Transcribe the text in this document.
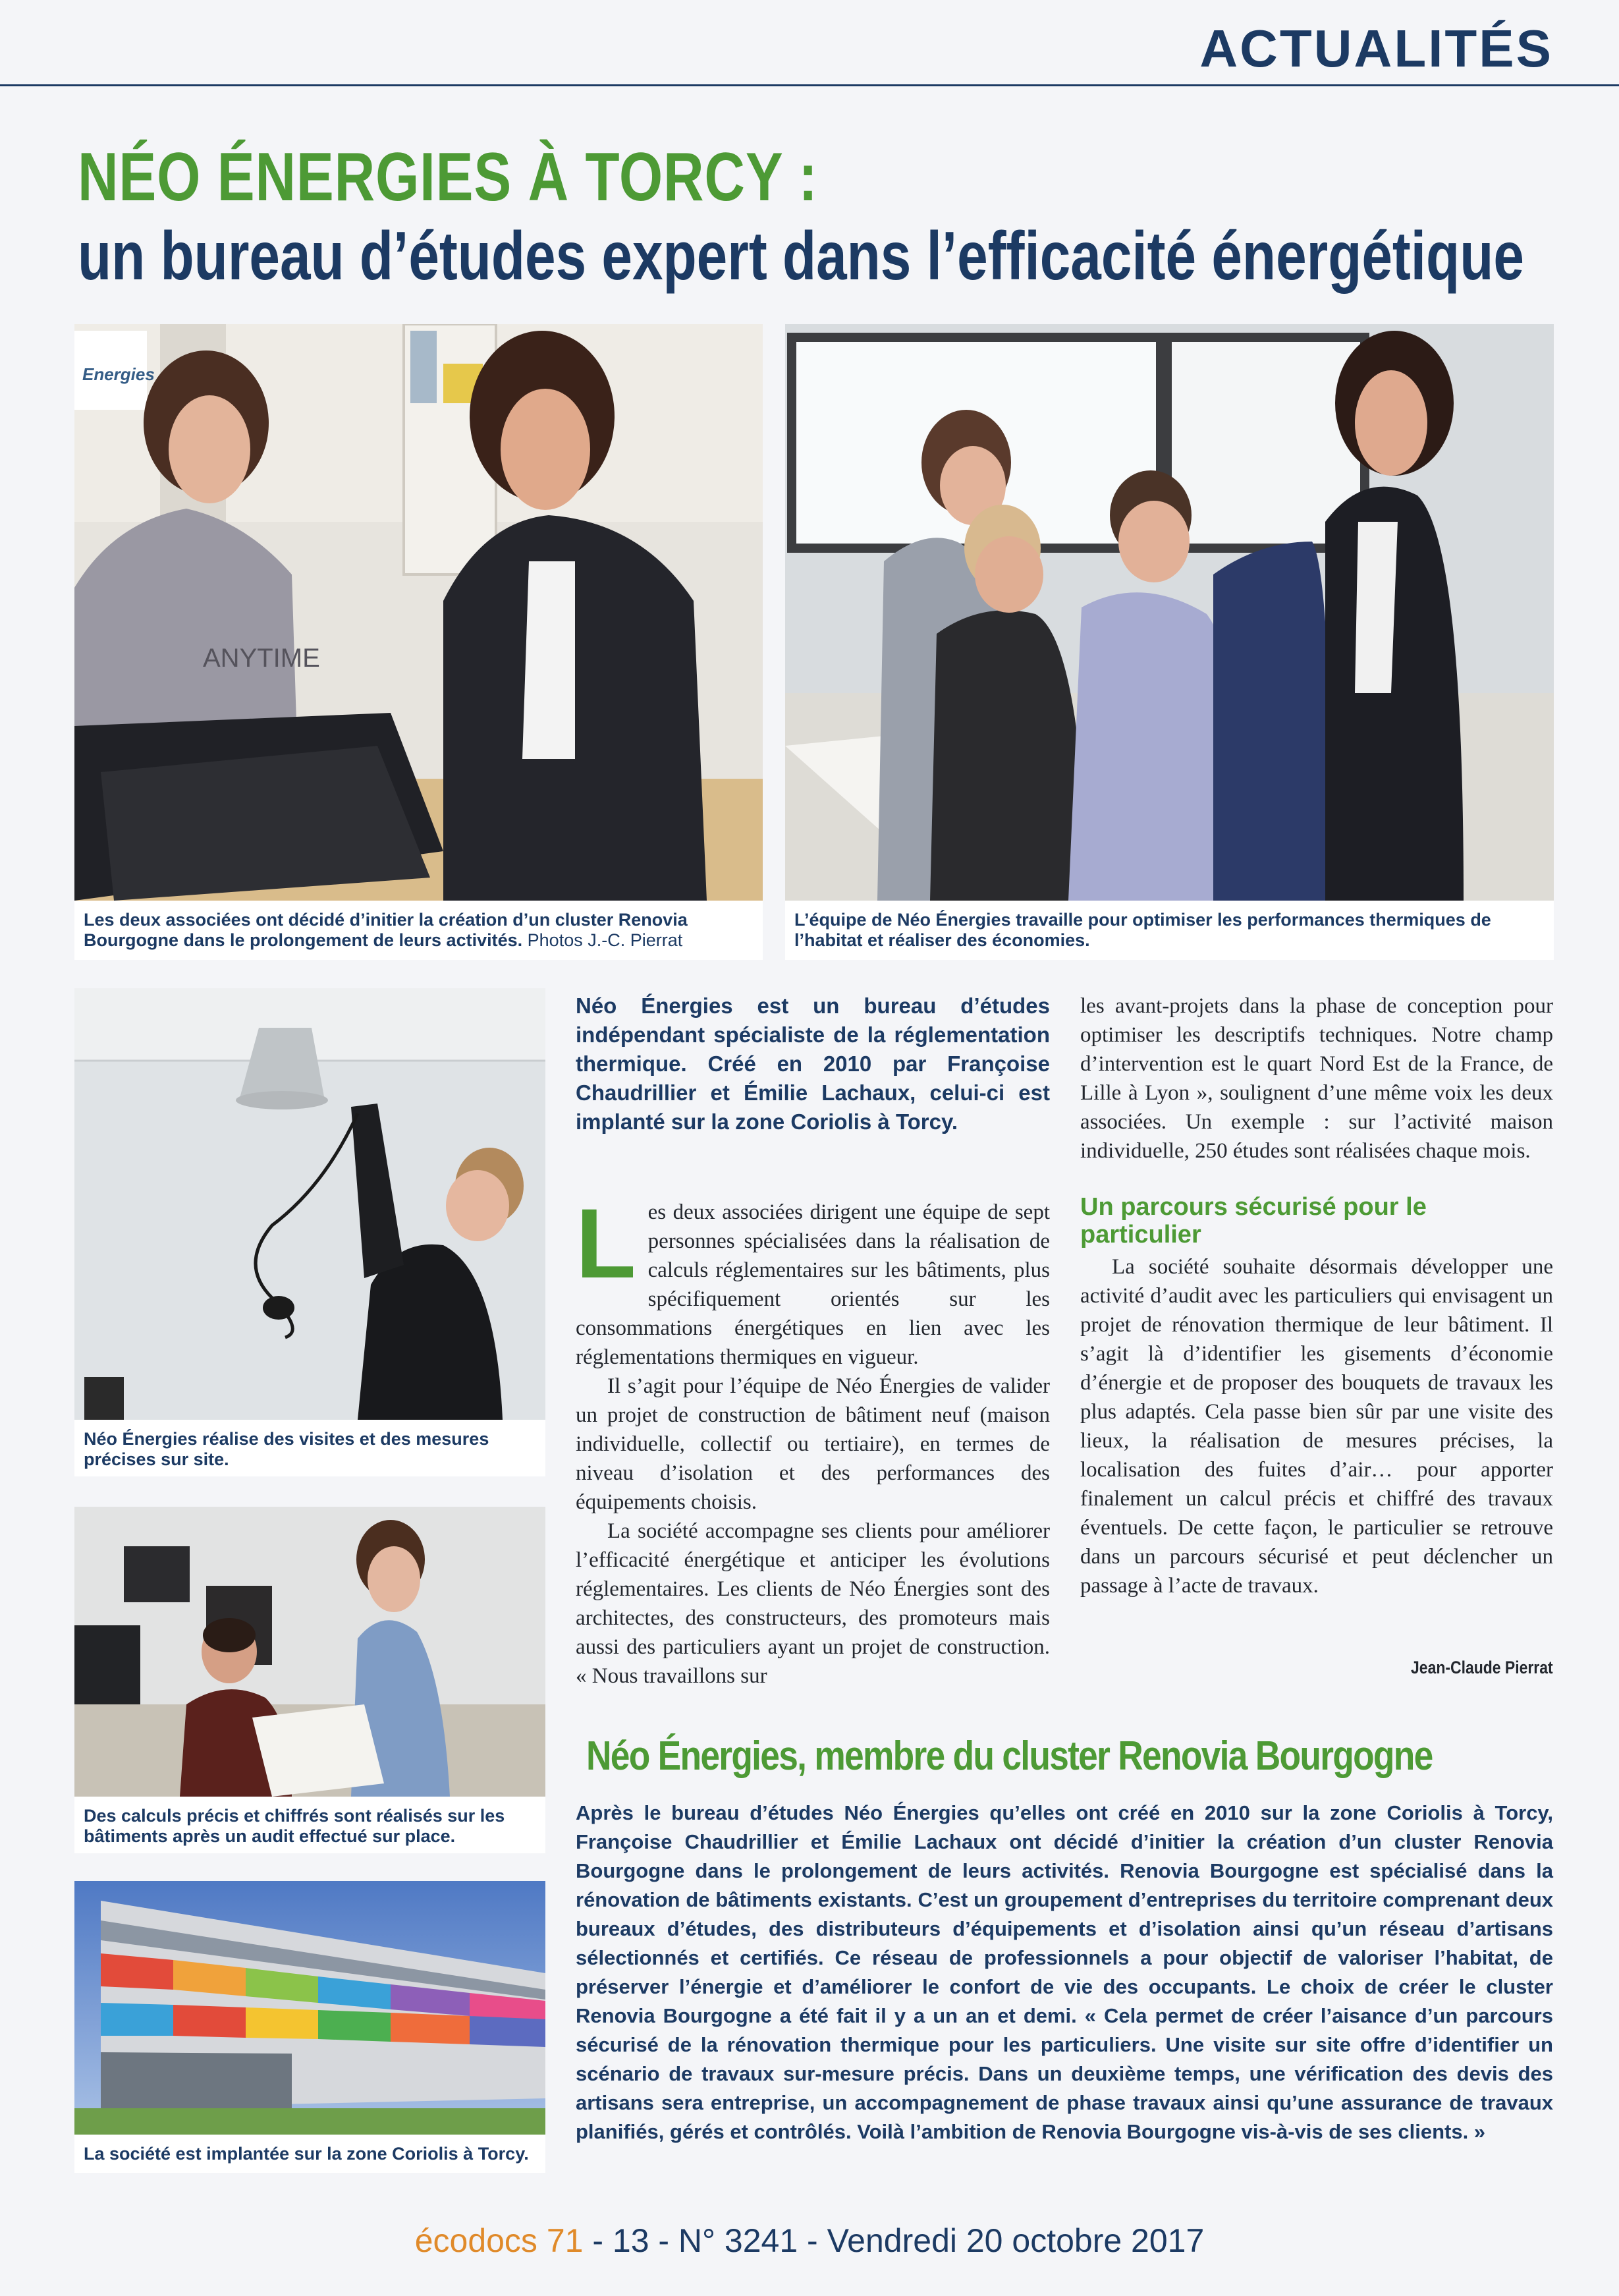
ACTUALITÉS
NÉO ÉNERGIES À TORCY :
un bureau d’études expert dans l’efficacité énergétique
Energies
ANYTIME
Les deux associées ont décidé d’initier la création d’un cluster Renovia Bourgogne dans le prolongement de leurs activités. Photos J.-C. Pierrat
L’équipe de Néo Énergies travaille pour optimiser les performances thermiques de l’habitat et réaliser des économies.
Néo Énergies réalise des visites et des mesures précises sur site.
Des calculs précis et chiffrés sont réalisés sur les bâtiments après un audit effectué sur place.
La société est implantée sur la zone Coriolis à Torcy.
Néo Énergies est un bureau d’études indépendant spécialiste de la réglementation thermique. Créé en 2010 par Françoise Chaudrillier et Émilie Lachaux, celui-ci est implanté sur la zone Coriolis à Torcy.

Les deux associées dirigent une équipe de sept personnes spécialisées dans la réalisation de calculs réglementaires sur les bâtiments, plus spécifiquement orientés sur les consommations énergétiques en lien avec les réglementations thermiques en vigueur.

Il s’agit pour l’équipe de Néo Énergies de valider un projet de construction de bâtiment neuf (maison individuelle, collectif ou tertiaire), en termes de niveau d’isolation et des performances des équipements choisis.

La société accompagne ses clients pour améliorer l’efficacité énergétique et anticiper les évolutions réglementaires. Les clients de Néo Énergies sont des architectes, des constructeurs, des promoteurs mais aussi des particuliers ayant un projet de construction. « Nous travaillons sur

les avant-projets dans la phase de conception pour optimiser les descriptifs techniques. Notre champ d’intervention est le quart Nord Est de la France, de Lille à Lyon », soulignent d’une même voix les deux associées. Un exemple : sur l’activité maison individuelle, 250 études sont réalisées chaque mois.

Un parcours sécurisé pour le particulier

La société souhaite désormais développer une activité d’audit avec les particuliers qui envisagent un projet de rénovation thermique de leur bâtiment. Il s’agit là d’identifier les gisements d’économie d’énergie et de proposer des bouquets de travaux les plus adaptés. Cela passe bien sûr par une visite des lieux, la réalisation de mesures précises, la localisation des fuites d’air… pour apporter finalement un calcul précis et chiffré des travaux éventuels. De cette façon, le particulier se retrouve dans un parcours sécurisé et peut déclencher un passage à l’acte de travaux.

Jean-Claude Pierrat
Néo Énergies, membre du cluster Renovia Bourgogne
Après le bureau d’études Néo Énergies qu’elles ont créé en 2010 sur la zone Coriolis à Torcy, Françoise Chaudrillier et Émilie Lachaux ont décidé d’initier la création d’un cluster Renovia Bourgogne dans le prolongement de leurs activités. Renovia Bourgogne est spécialisé dans la rénovation de bâtiments existants. C’est un groupement d’entreprises du territoire comprenant deux bureaux d’études, des distributeurs d’équipements et d’isolation ainsi qu’un réseau d’artisans sélectionnés et certifiés. Ce réseau de professionnels a pour objectif de valoriser l’habitat, de préserver l’énergie et d’améliorer le confort de vie des occupants. Le choix de créer le cluster Renovia Bourgogne a été fait il y a un an et demi. « Cela permet de créer l’aisance d’un parcours sécurisé de la rénovation thermique pour les particuliers. Une visite sur site offre d’identifier un scénario de travaux sur-mesure précis. Dans un deuxième temps, une vérification des devis des artisans sera entreprise, un accompagnement de phase travaux ainsi qu’une assurance de travaux planifiés, gérés et contrôlés. Voilà l’ambition de Renovia Bourgogne vis-à-vis de ses clients. »
écodocs 71 - 13 - N° 3241 - Vendredi 20 octobre 2017
